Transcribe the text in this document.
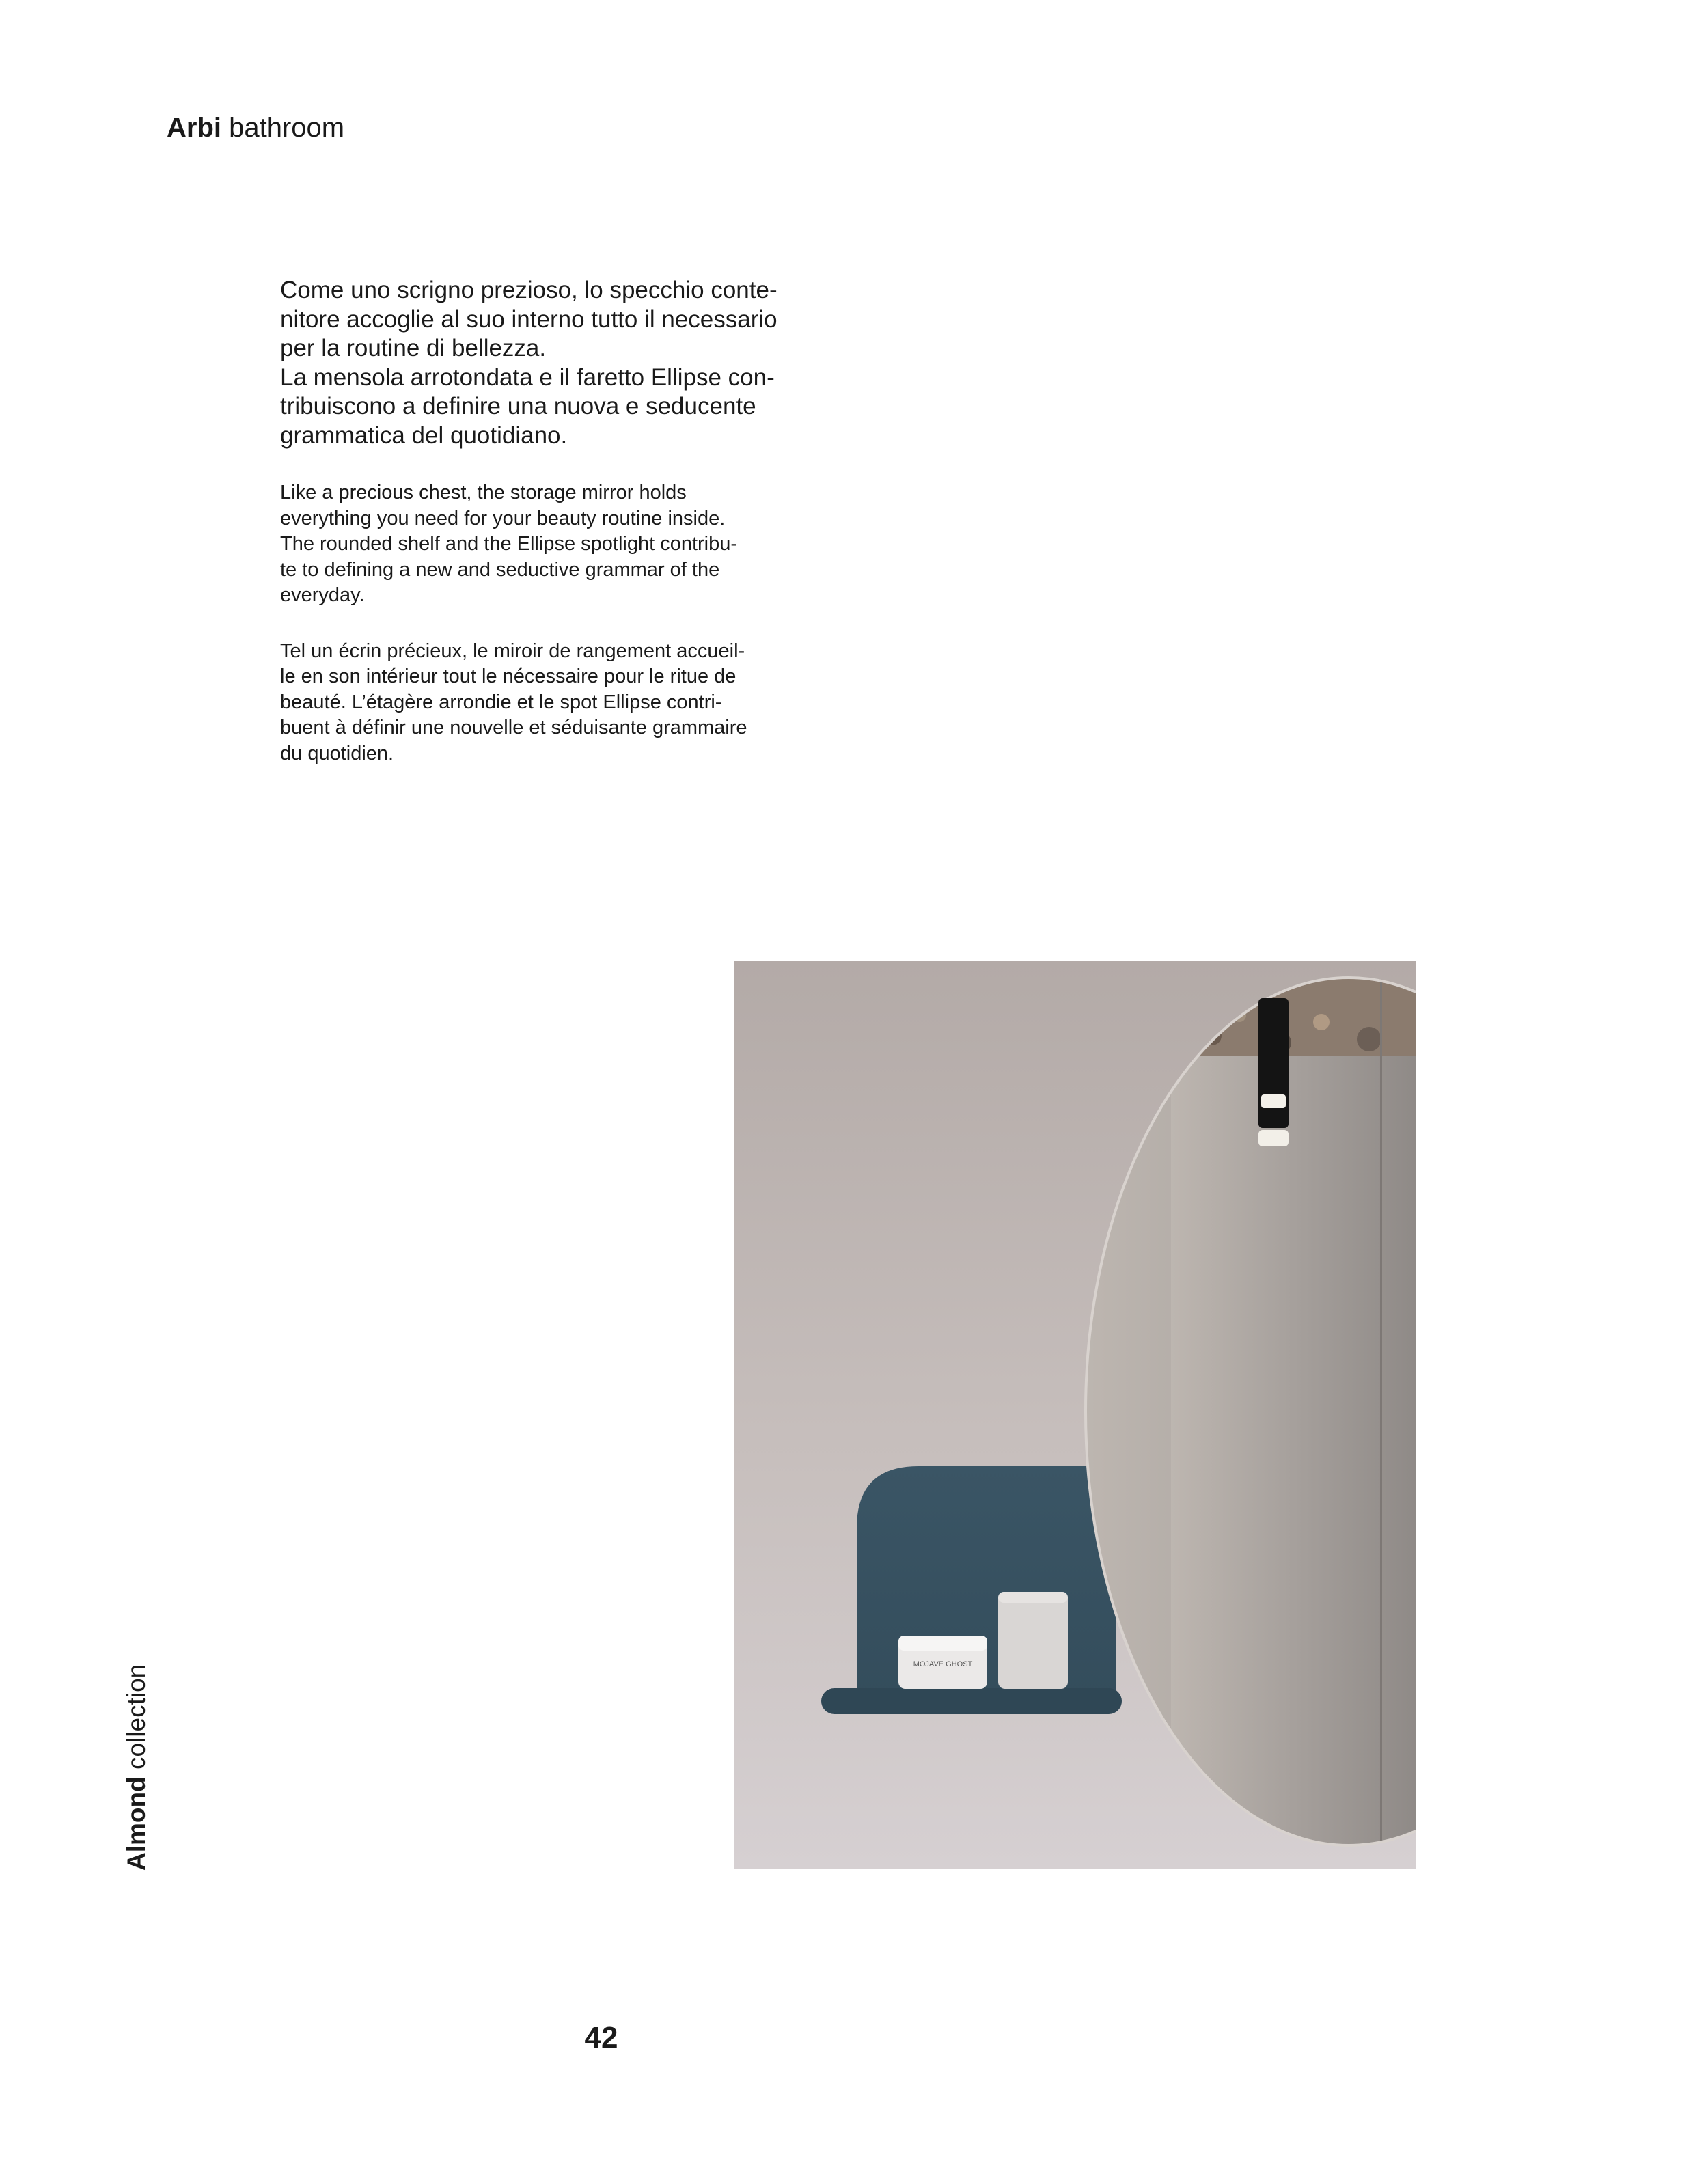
Arbi bathroom

Come uno scrigno prezioso, lo specchio conte-
nitore accoglie al suo interno tutto il necessario
per la routine di bellezza.
La mensola arrotondata e il faretto Ellipse con-
tribuiscono a definire una nuova e seducente
grammatica del quotidiano.

Like a precious chest, the storage mirror holds
everything you need for your beauty routine inside.
The rounded shelf and the Ellipse spotlight contribu-
te to defining a new and seductive grammar of the
everyday.

Tel un écrin précieux, le miroir de rangement accueil-
le en son intérieur tout le nécessaire pour le ritue de
beauté. L’étagère arrondie et le spot Ellipse contri-
buent à définir une nouvelle et séduisante grammaire
du quotidien.

MOJAVE GHOST
Almond collection
42
